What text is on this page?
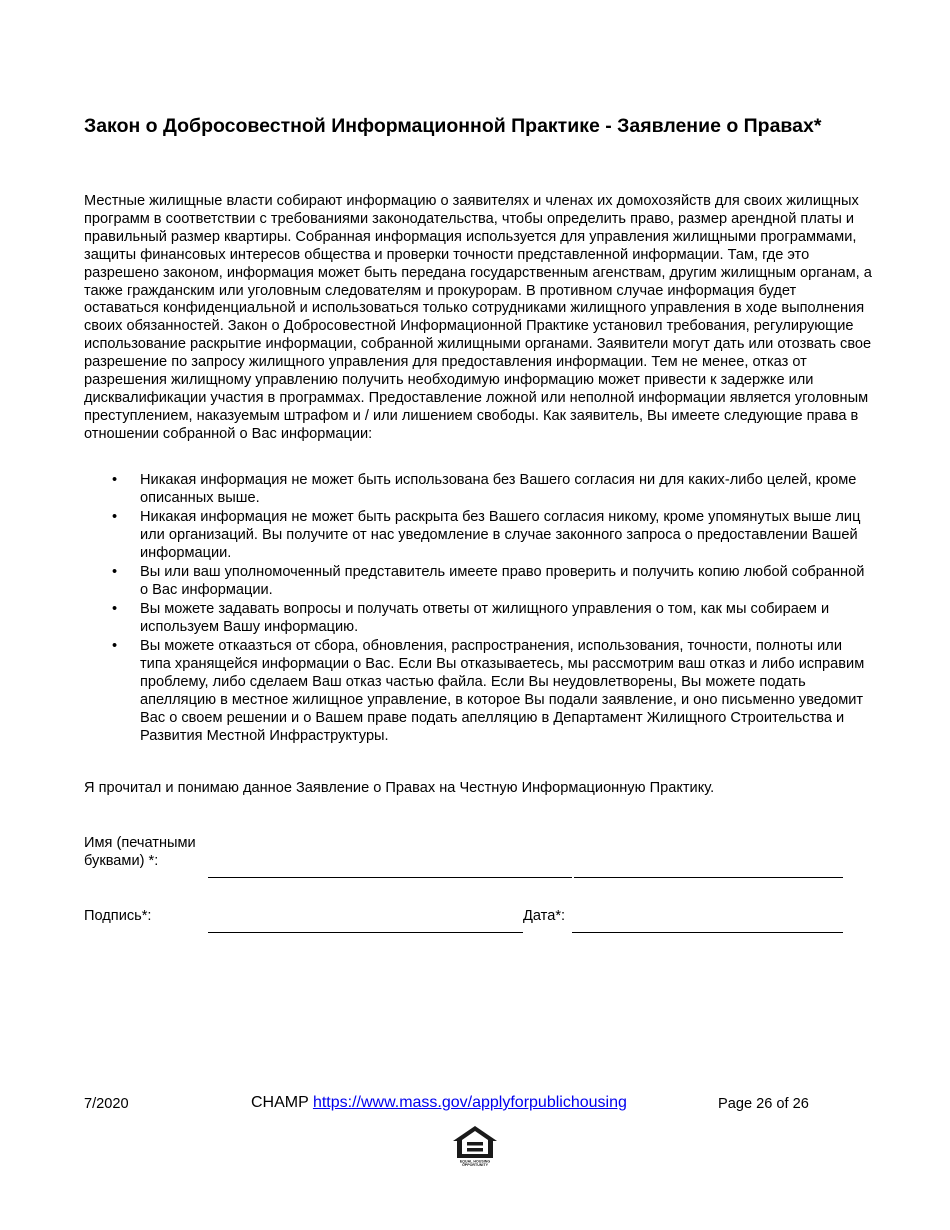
Закон о Добросовестной Информационной Практике - Заявление о Правах*

Местные жилищные власти собирают информацию о заявителях и членах их домохозяйств для своих жилищных программ в соответствии с требованиями законодательства, чтобы определить право, размер арендной платы и правильный размер квартиры. Собранная информация используется для управления жилищными программами, защиты финансовых интересов общества и проверки точности представленной информации. Там, где это разрешено законом, информация может быть передана государственным агенствам, другим жилищным органам, а также гражданским или уголовным следователям и прокурорам. В противном случае информация будет оставаться конфиденциальной и использоваться только сотрудниками жилищного управления в ходе выполнения своих обязанностей. Закон о Добросовестной Информационной Практике установил требования, регулирующие использование раскрытие информации, собранной жилищными органами. Заявители могут дать или отозвать свое разрешение по запросу жилищного управления для предоставления информации. Тем не менее, отказ от разрешения жилищному управлению получить необходимую информацию может привести к задержке или дисквалификации участия в программах. Предоставление ложной или неполной информации является уголовным преступлением, наказуемым штрафом и / или лишением свободы. Как заявитель, Вы имеете следующие права в отношении собранной о Вас информации:

• Никакая информация не может быть использована без Вашего согласия ни для каких-либо целей, кроме описанных выше.
• Никакая информация не может быть раскрыта без Вашего согласия никому, кроме упомянутых выше лиц или организаций. Вы получите от нас уведомление в случае законного запроса о предоставлении Вашей информации.
• Вы или ваш уполномоченный представитель имеете право проверить и получить копию любой собранной о Вас информации.
• Вы можете задавать вопросы и получать ответы от жилищного управления о том, как мы собираем и используем Вашу информацию.
• Вы можете откаазться от сбора, обновления, распространения, использования, точности, полноты или типа хранящейся информации о Вас. Если Вы отказываетесь, мы рассмотрим ваш отказ и либо исправим проблему, либо сделаем Ваш отказ частью файла. Если Вы неудовлетворены, Вы можете подать апелляцию в местное жилищное управление, в которое Вы подали заявление, и оно письменно уведомит Вас о своем решении и о Вашем праве подать апелляцию в Департамент Жилищного Строительства и Развития Местной Инфраструктуры.

Я прочитал и понимаю данное Заявление о Правах на Честную Информационную Практику.

Имя (печатными буквами) *:
Подпись*:	Дата*:
7/2020	CHAMP https://www.mass.gov/applyforpublichousing	Page 26 of 26
EQUAL HOUSING
OPPORTUNITY
